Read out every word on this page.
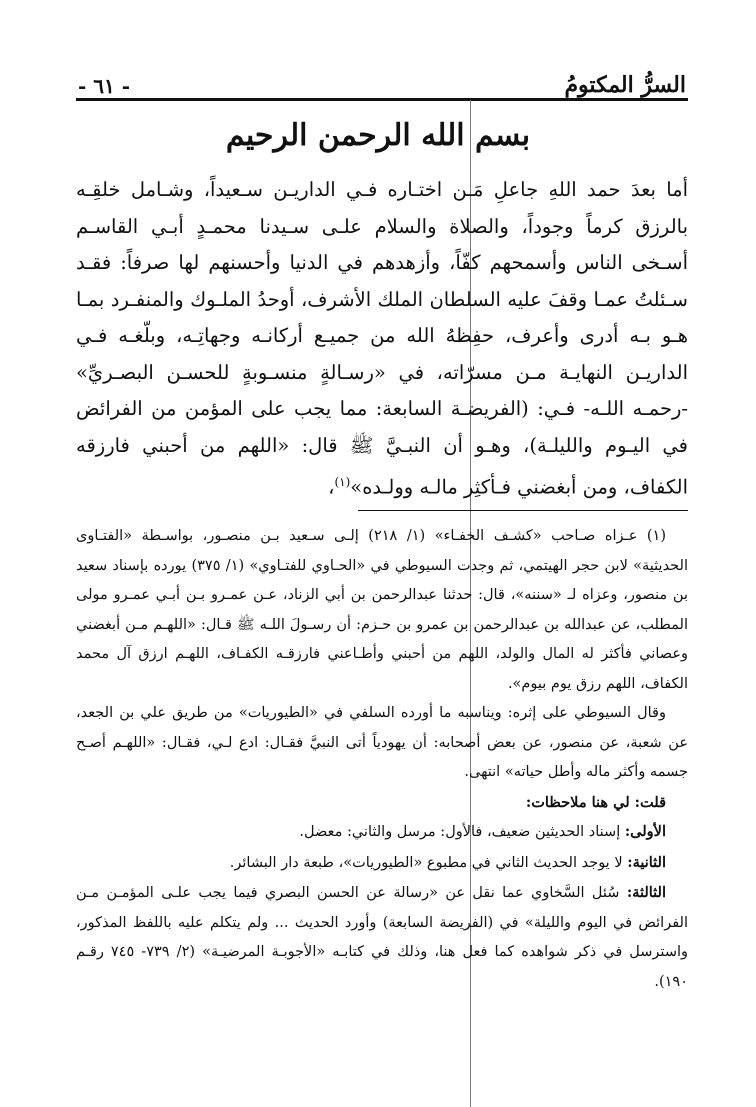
السرُّ المكتومُ
- ٦١ -
بسم الله الرحمن الرحيم

أما بعدَ حمد اللهِ جاعلِ مَـن اختـاره فـي الداريـن سـعيداً، وشـامل خلقِـه بالرزق كرماً وجوداً، والصلاة والسلام علـى سـيدنا محمـدٍ أبـي القاسـم أسـخى الناس وأسمحهم كفّاً، وأزهدهم في الدنيا وأحسنهم لها صرفاً: فقـد سـئلتُ عمـا وقفَ عليه السلطان الملك الأشرف، أوحدُ الملـوك والمنفـرد بمـا هـو بـه أدرى وأعرف، حفِظهُ الله من جميـع أركانـه وجهاتِـه، وبلّغـه فـي الداريـن النهايـة مـن مسرّاته، في «رسـالةٍ منسـوبةٍ للحسـن البصـريِّ» -رحمـه اللـه- فـي: (الفريضـة السابعة: مما يجب على المؤمن من الفرائض في اليـوم والليلـة)، وهـو أن النبـيَّ ﷺ قال: «اللهم من أحبني فارزقه الكفاف، ومن أبغضني فـأكثِر مالـه وولـده»$^{(١)}$،

(١) عـزاه صـاحب «كشـف الخفـاء» (١/ ٢١٨) إلـى سـعيد بـن منصـور، بواسـطة «الفتـاوى الحديثية» لابن حجر الهيتمي، ثم وجدت السيوطي في «الحـاوي للفتـاوي» (١/ ٣٧٥) يورده بإسناد سعيد بن منصور، وعزاه لـ «سننه»، قال: حدثنا عبدالرحمن بن أبي الزناد، عـن عمـرو بـن أبـي عمـرو مولى المطلب، عن عبدالله بن عبدالرحمن بن عمرو بن حـزم: أن رسـولَ اللـه ﷺ قـال: «اللهـم مـن أبغضني وعصاني فأكثر له المال والولد، اللهم من أحبني وأطـاعني فارزقـه الكفـاف، اللهـم ارزق آل محمد الكفاف، اللهم رزق يوم بيوم».

وقال السيوطي على إثره: ويناسبه ما أورده السلفي في «الطيوريات» من طريق علي بن الجعد، عن شعبة، عن منصور، عن بعض أصحابه: أن يهودياً أتى النبيَّ فقـال: ادع لـي، فقـال: «اللهـم أصـح جسمه وأكثر ماله وأطل حياته» انتهى.

قلت: لي هنا ملاحظات:

الأولى: إسناد الحديثين ضعيف، فالأول: مرسل والثاني: معضل.

الثانية: لا يوجد الحديث الثاني في مطبوع «الطيوريات»، طبعة دار البشائر.

الثالثة: سُئل السَّخاوي عما نقل عن «رسالة عن الحسن البصري فيما يجب علـى المؤمـن مـن الفرائض في اليوم والليلة» في (الفريضة السابعة) وأورد الحديث ... ولم يتكلم عليه باللفظ المذكور، واسترسل في ذكر شواهده كما فعل هنا، وذلك في كتابـه «الأجوبـة المرضيـة» (٢/ ٧٣٩- ٧٤٥ رقـم ١٩٠).
